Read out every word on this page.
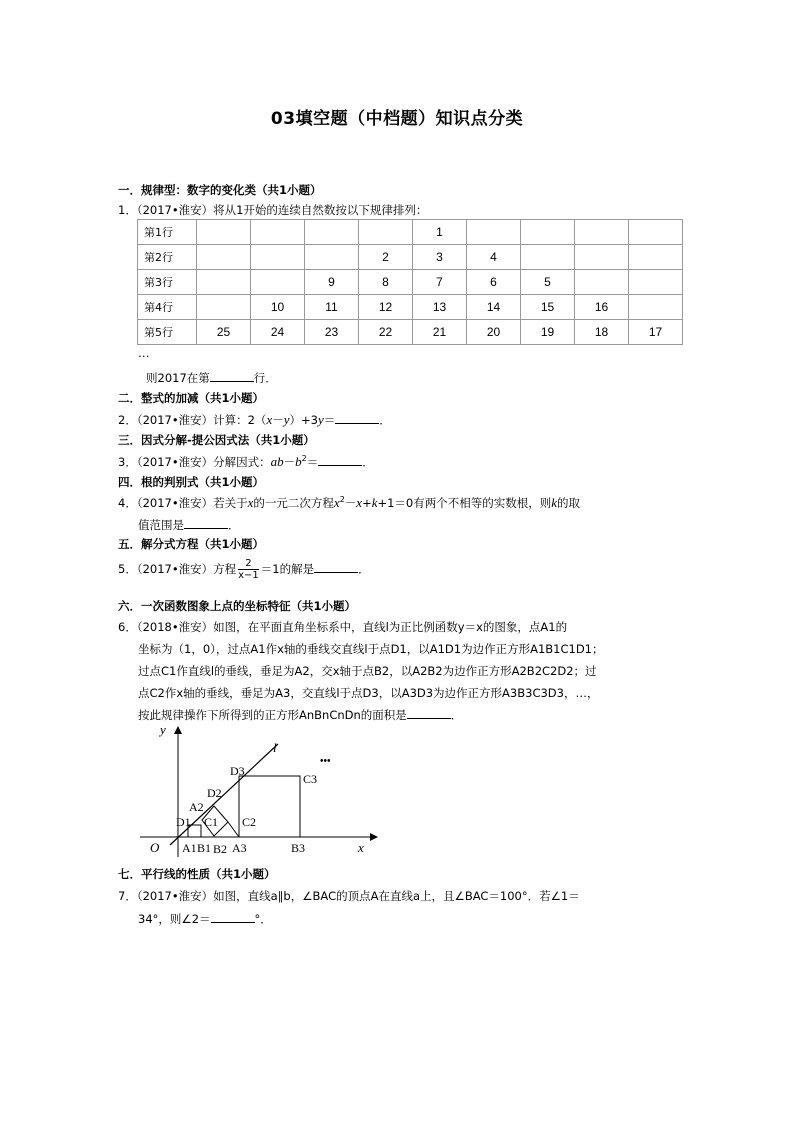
03填空题（中档题）知识点分类
一．规律型：数字的变化类（共1小题）
1．（2017•淮安）将从1开始的连续自然数按以下规律排列：
第1行					1				
第2行				2	3	4			
第3行			9	8	7	6	5		
第4行		10	11	12	13	14	15	16	
第5行	25	24	23	22	21	20	19	18	17
…
则2017在第	行．
二．整式的加减（共1小题）
2．（2017•淮安）计算：2（x－y）+3y＝	．
三．因式分解-提公因式法（共1小题）
3．（2017•淮安）分解因式：$ab-b^2=$	．
四．根的判别式（共1小题）
4．（2017•淮安）若关于x的一元二次方程$x^2-x+k+1=0$有两个不相等的实数根，则k的取
值范围是	．
五．解分式方程（共1小题）
5．（2017•淮安）方程 $\frac{2}{x-1} =1$的解是	．
六．一次函数图象上点的坐标特征（共1小题）
6．（2018•淮安）如图，在平面直角坐标系中，直线l为正比例函数y＝x的图象，点A1的
坐标为（1，0），过点A1作x轴的垂线交直线l于点D1，以A1D1为边作正方形A1B1C1D1；
过点C1作直线l的垂线，垂足为A2，交x轴于点B2，以A2B2为边作正方形A2B2C2D2；过
点C2作x轴的垂线，垂足为A3，交直线l于点D3，以A3D3为边作正方形A3B3C3D3，…，
按此规律操作下所得到的正方形AnBnCnDn的面积是	．
y
x
O
l
D1
A2
C1
D2
C2
D3
C3
A1 B1 B2 A3	B3
•••
七．平行线的性质（共1小题）
7．（2017•淮安）如图，直线a∥b，∠BAC的顶点A在直线a上，且∠BAC＝100°．若∠1＝
34°，则∠2＝	°．
